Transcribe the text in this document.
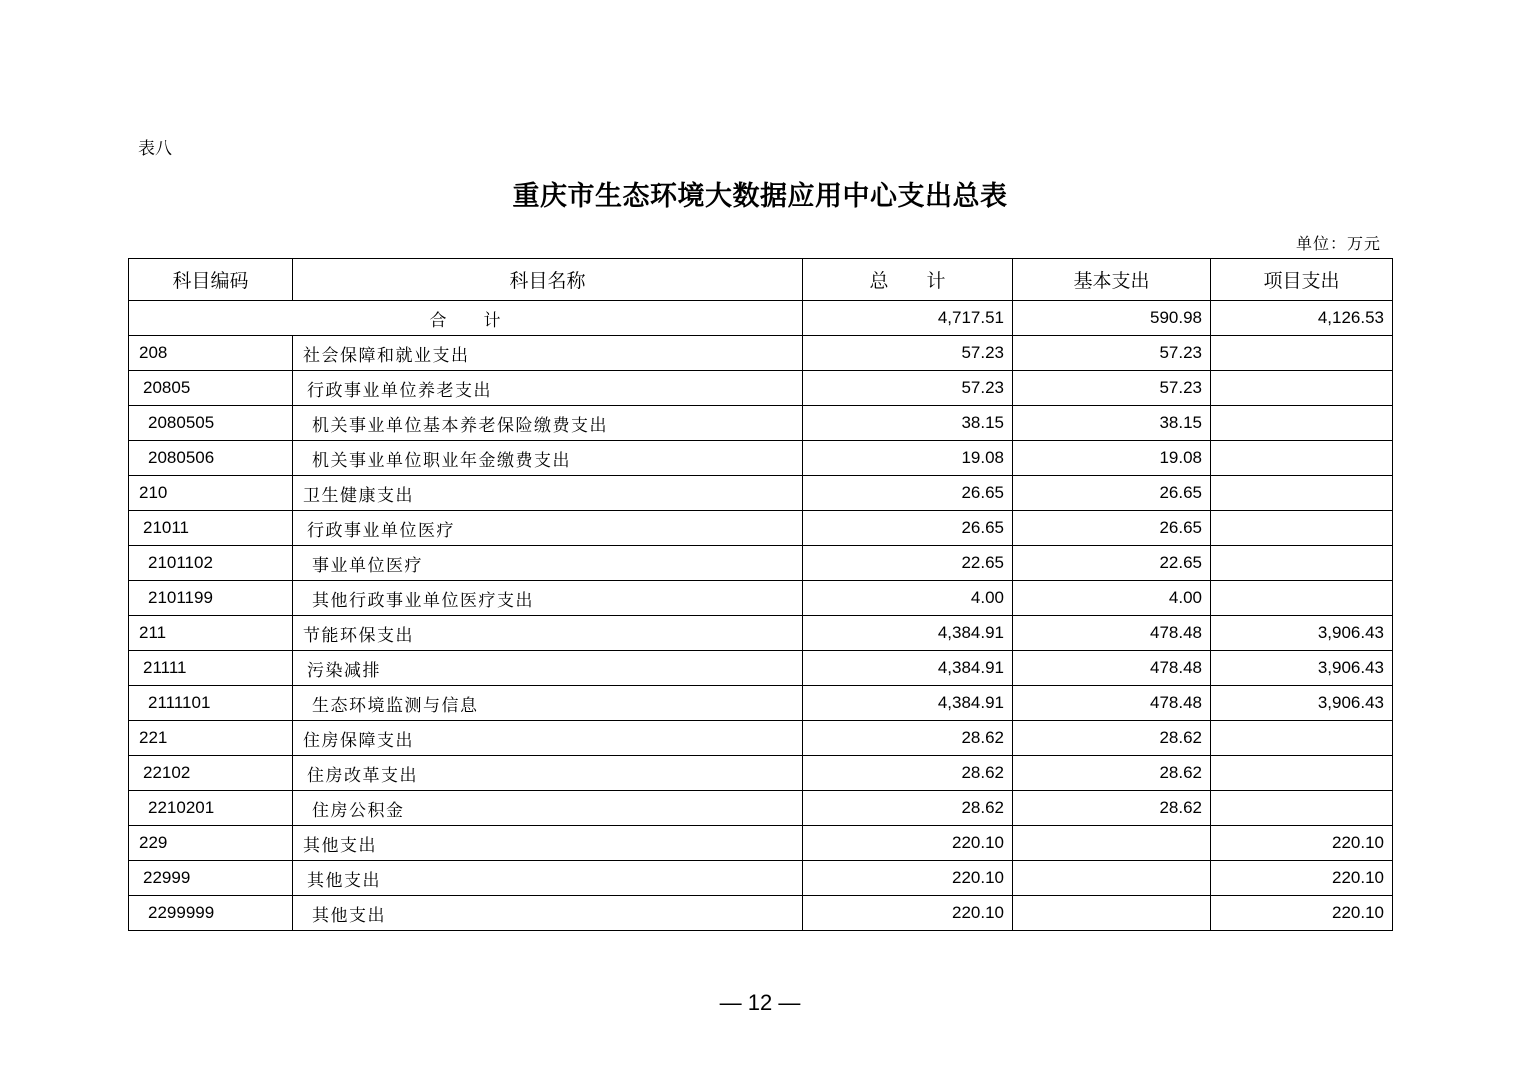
表八
重庆市生态环境大数据应用中心支出总表
单位：万元
科目编码	科目名称	总　　计	基本支出	项目支出
合　　计		4,717.51	590.98	4,126.53
208	社会保障和就业支出	57.23	57.23	
20805	行政事业单位养老支出	57.23	57.23	
2080505	机关事业单位基本养老保险缴费支出	38.15	38.15	
2080506	机关事业单位职业年金缴费支出	19.08	19.08	
210	卫生健康支出	26.65	26.65	
21011	行政事业单位医疗	26.65	26.65	
2101102	事业单位医疗	22.65	22.65	
2101199	其他行政事业单位医疗支出	4.00	4.00	
211	节能环保支出	4,384.91	478.48	3,906.43
21111	污染减排	4,384.91	478.48	3,906.43
2111101	生态环境监测与信息	4,384.91	478.48	3,906.43
221	住房保障支出	28.62	28.62	
22102	住房改革支出	28.62	28.62	
2210201	住房公积金	28.62	28.62	
229	其他支出	220.10		220.10
22999	其他支出	220.10		220.10
2299999	其他支出	220.10		220.10
— 12 —
